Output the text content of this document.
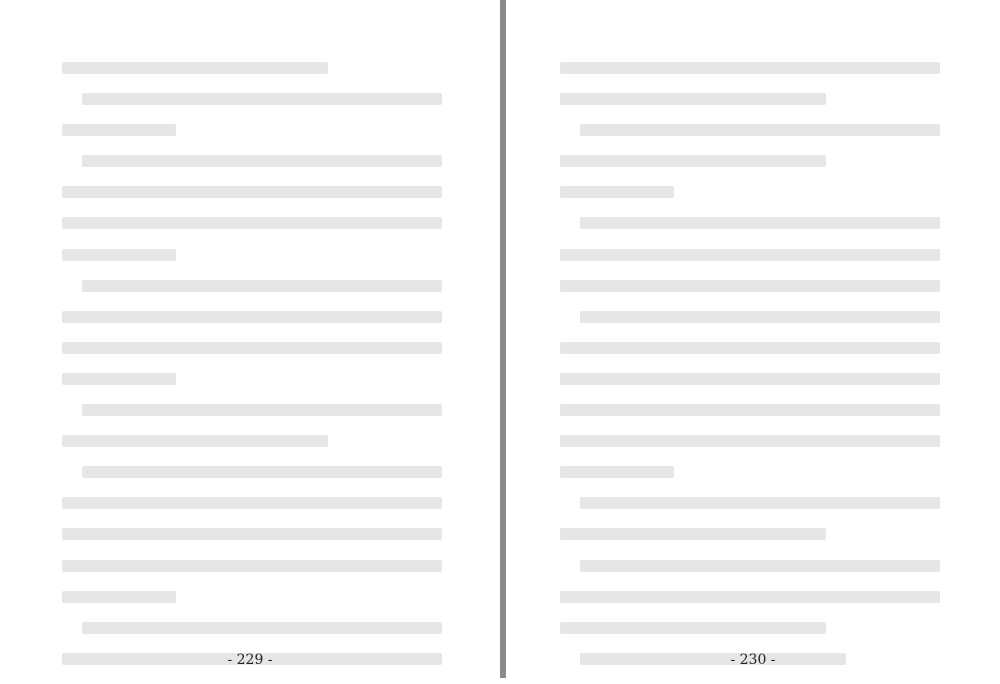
- 229 -	- 230 -
